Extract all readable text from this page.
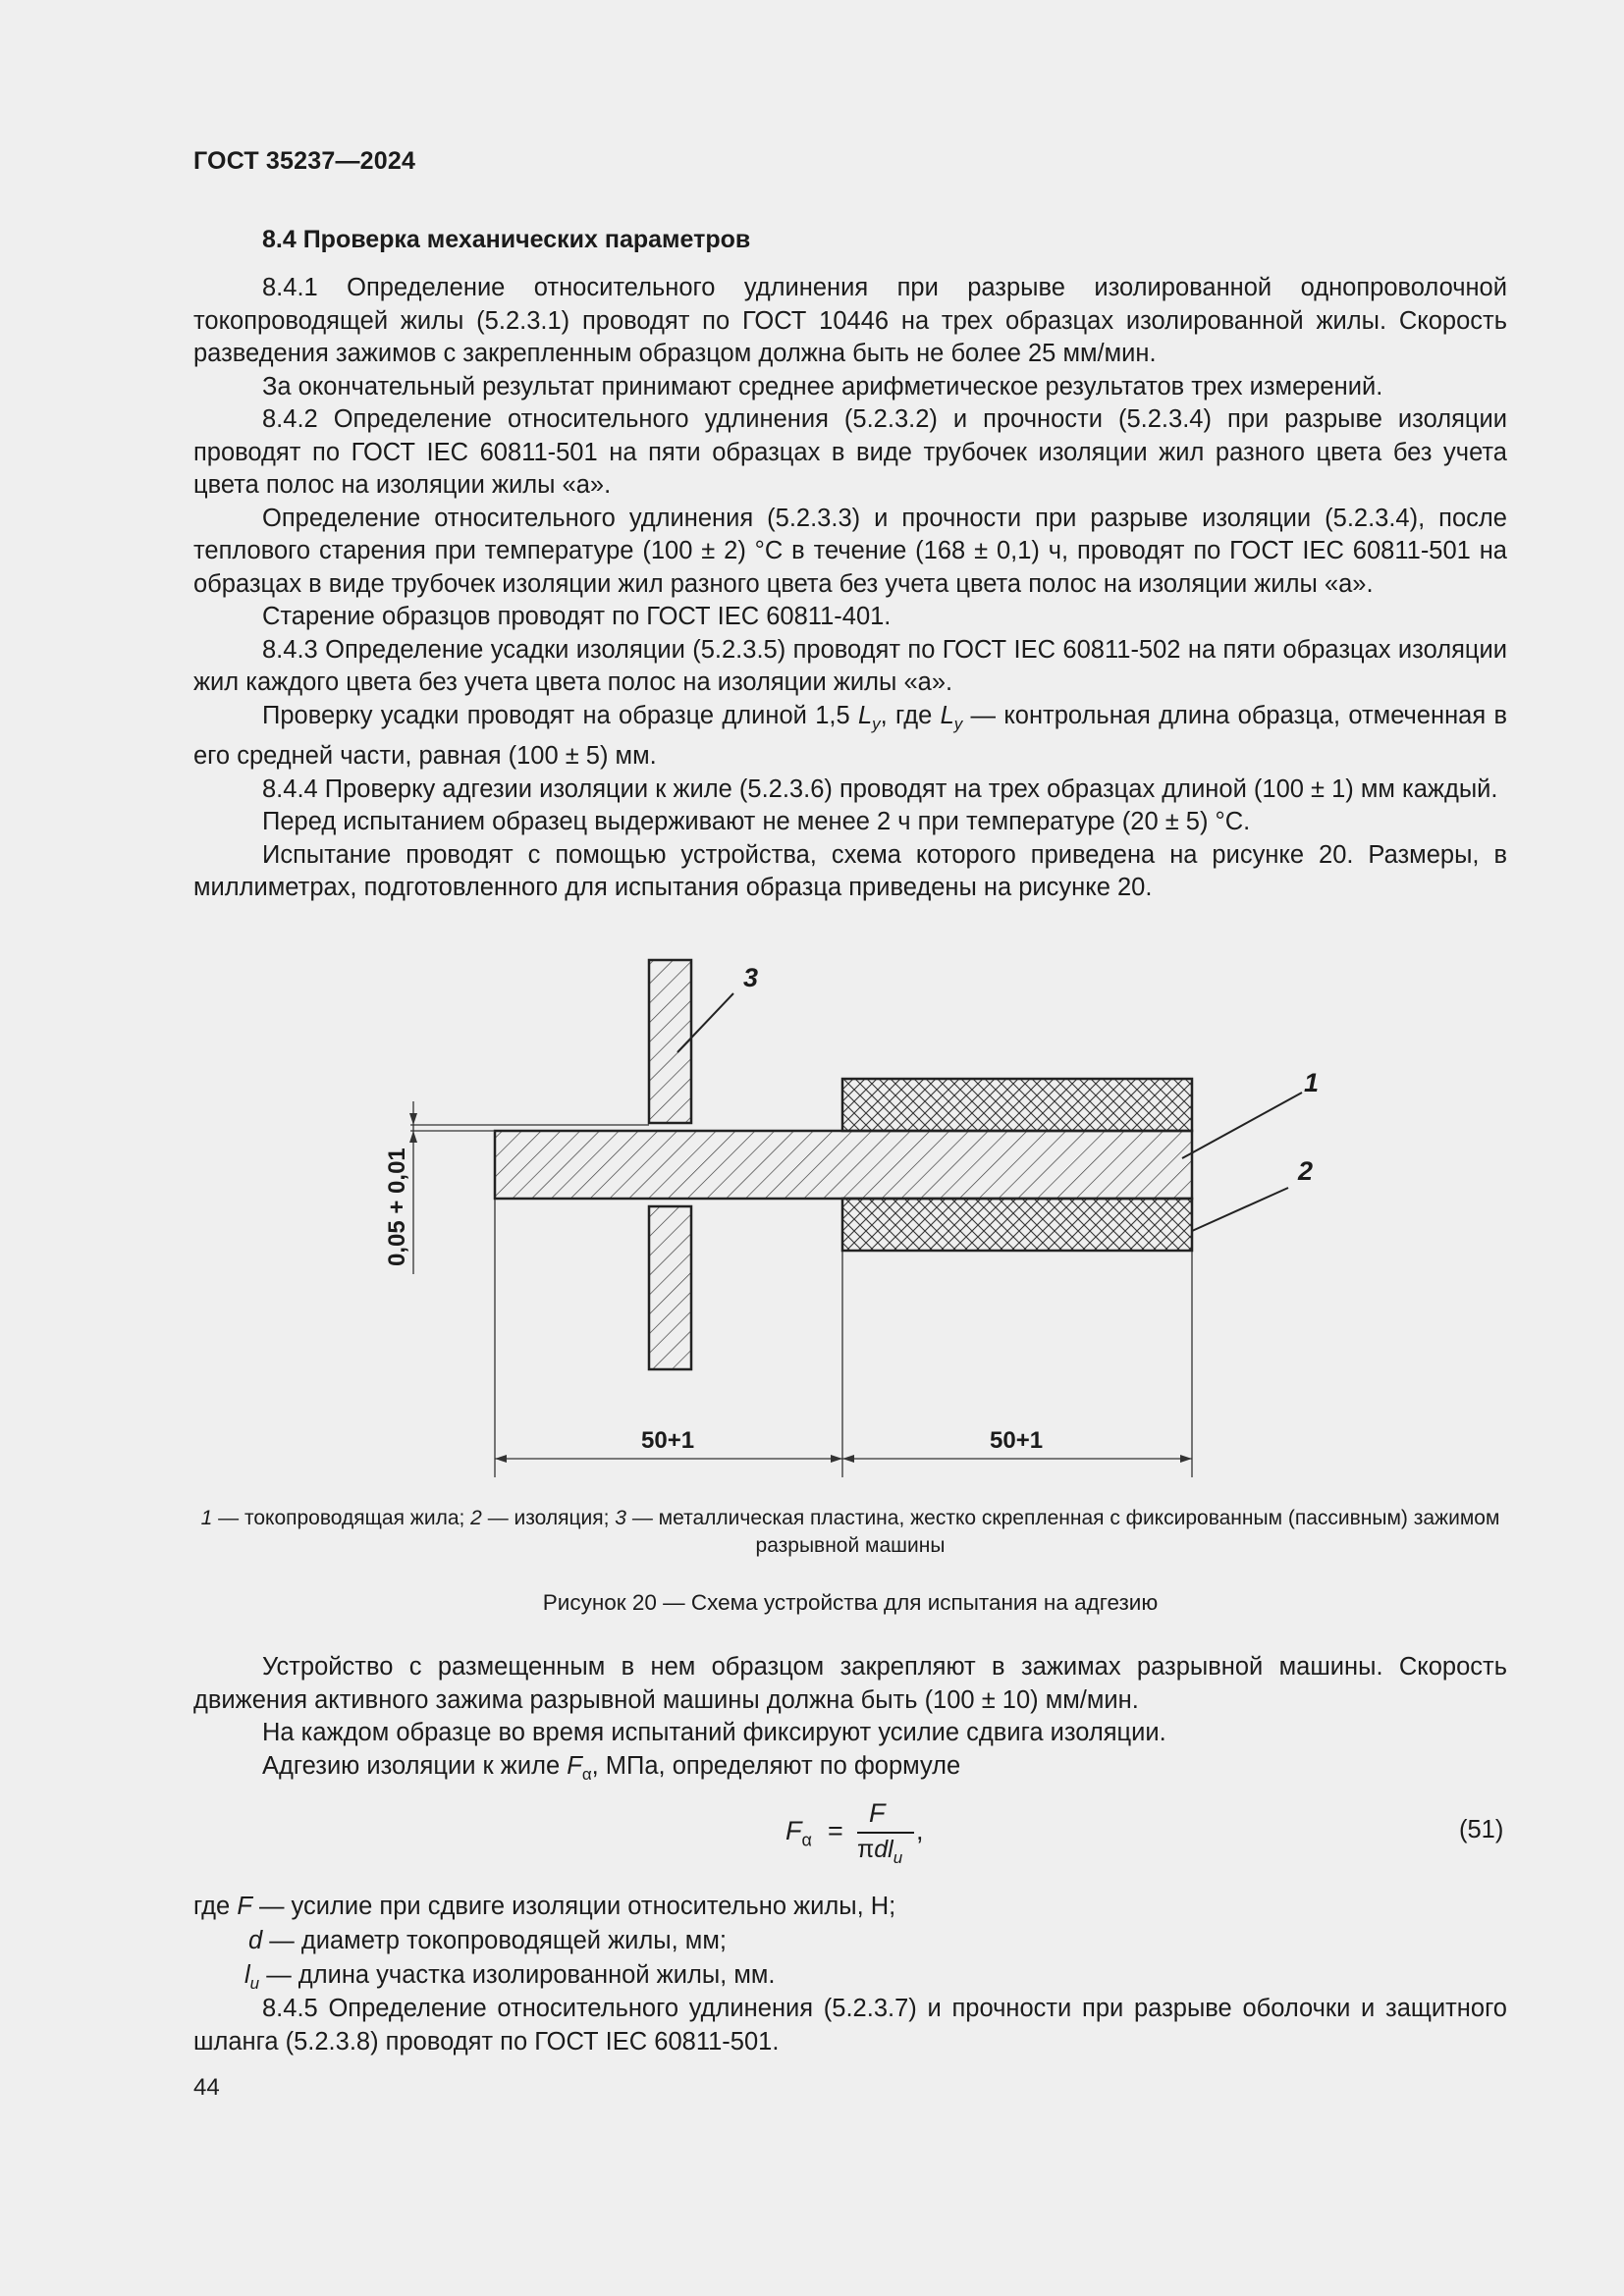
ГОСТ 35237—2024
8.4 Проверка механических параметров

8.4.1 Определение относительного удлинения при разрыве изолированной однопроволочной токопроводящей жилы (5.2.3.1) проводят по ГОСТ 10446 на трех образцах изолированной жилы. Скорость разведения зажимов с закрепленным образцом должна быть не более 25 мм/мин.

За окончательный результат принимают среднее арифметическое результатов трех измерений.

8.4.2 Определение относительного удлинения (5.2.3.2) и прочности (5.2.3.4) при разрыве изоляции проводят по ГОСТ IEC 60811-501 на пяти образцах в виде трубочек изоляции жил разного цвета без учета цвета полос на изоляции жилы «а».

Определение относительного удлинения (5.2.3.3) и прочности при разрыве изоляции (5.2.3.4), после теплового старения при температуре (100 ± 2) °С в течение (168 ± 0,1) ч, проводят по ГОСТ IEC 60811-501 на образцах в виде трубочек изоляции жил разного цвета без учета цвета полос на изоляции жилы «а».

Старение образцов проводят по ГОСТ IEC 60811-401.

8.4.3 Определение усадки изоляции (5.2.3.5) проводят по ГОСТ IEC 60811-502 на пяти образцах изоляции жил каждого цвета без учета цвета полос на изоляции жилы «а».

Проверку усадки проводят на образце длиной 1,5 $L_y$, где $L_y$ — контрольная длина образца, отмеченная в его средней части, равная (100 ± 5) мм.

8.4.4 Проверку адгезии изоляции к жиле (5.2.3.6) проводят на трех образцах длиной (100 ± 1) мм каждый.

Перед испытанием образец выдерживают не менее 2 ч при температуре (20 ± 5) °С.

Испытание проводят с помощью устройства, схема которого приведена на рисунке 20. Размеры, в миллиметрах, подготовленного для испытания образца приведены на рисунке 20.

3
1
2
0,05 + 0,01
50+1	50+1
1 — токопроводящая жила; 2 — изоляция; 3 — металлическая пластина, жестко скрепленная с фиксированным (пассивным) зажимом разрывной машины
Рисунок 20 — Схема устройства для испытания на адгезию

Устройство с размещенным в нем образцом закрепляют в зажимах разрывной машины. Скорость движения активного зажима разрывной машины должна быть (100 ± 10) мм/мин.

На каждом образце во время испытаний фиксируют усилие сдвига изоляции.

Адгезию изоляции к жиле $F_\alpha$, МПа, определяют по формуле

$F_\alpha$ =
F
πdl$_u$
,	(51)
где F — усилие при сдвиге изоляции относительно жилы, Н;
d — диаметр токопроводящей жилы, мм;
$l_u$ — длина участка изолированной жилы, мм.

8.4.5 Определение относительного удлинения (5.2.3.7) и прочности при разрыве оболочки и защитного шланга (5.2.3.8) проводят по ГОСТ IEC 60811-501.

44
